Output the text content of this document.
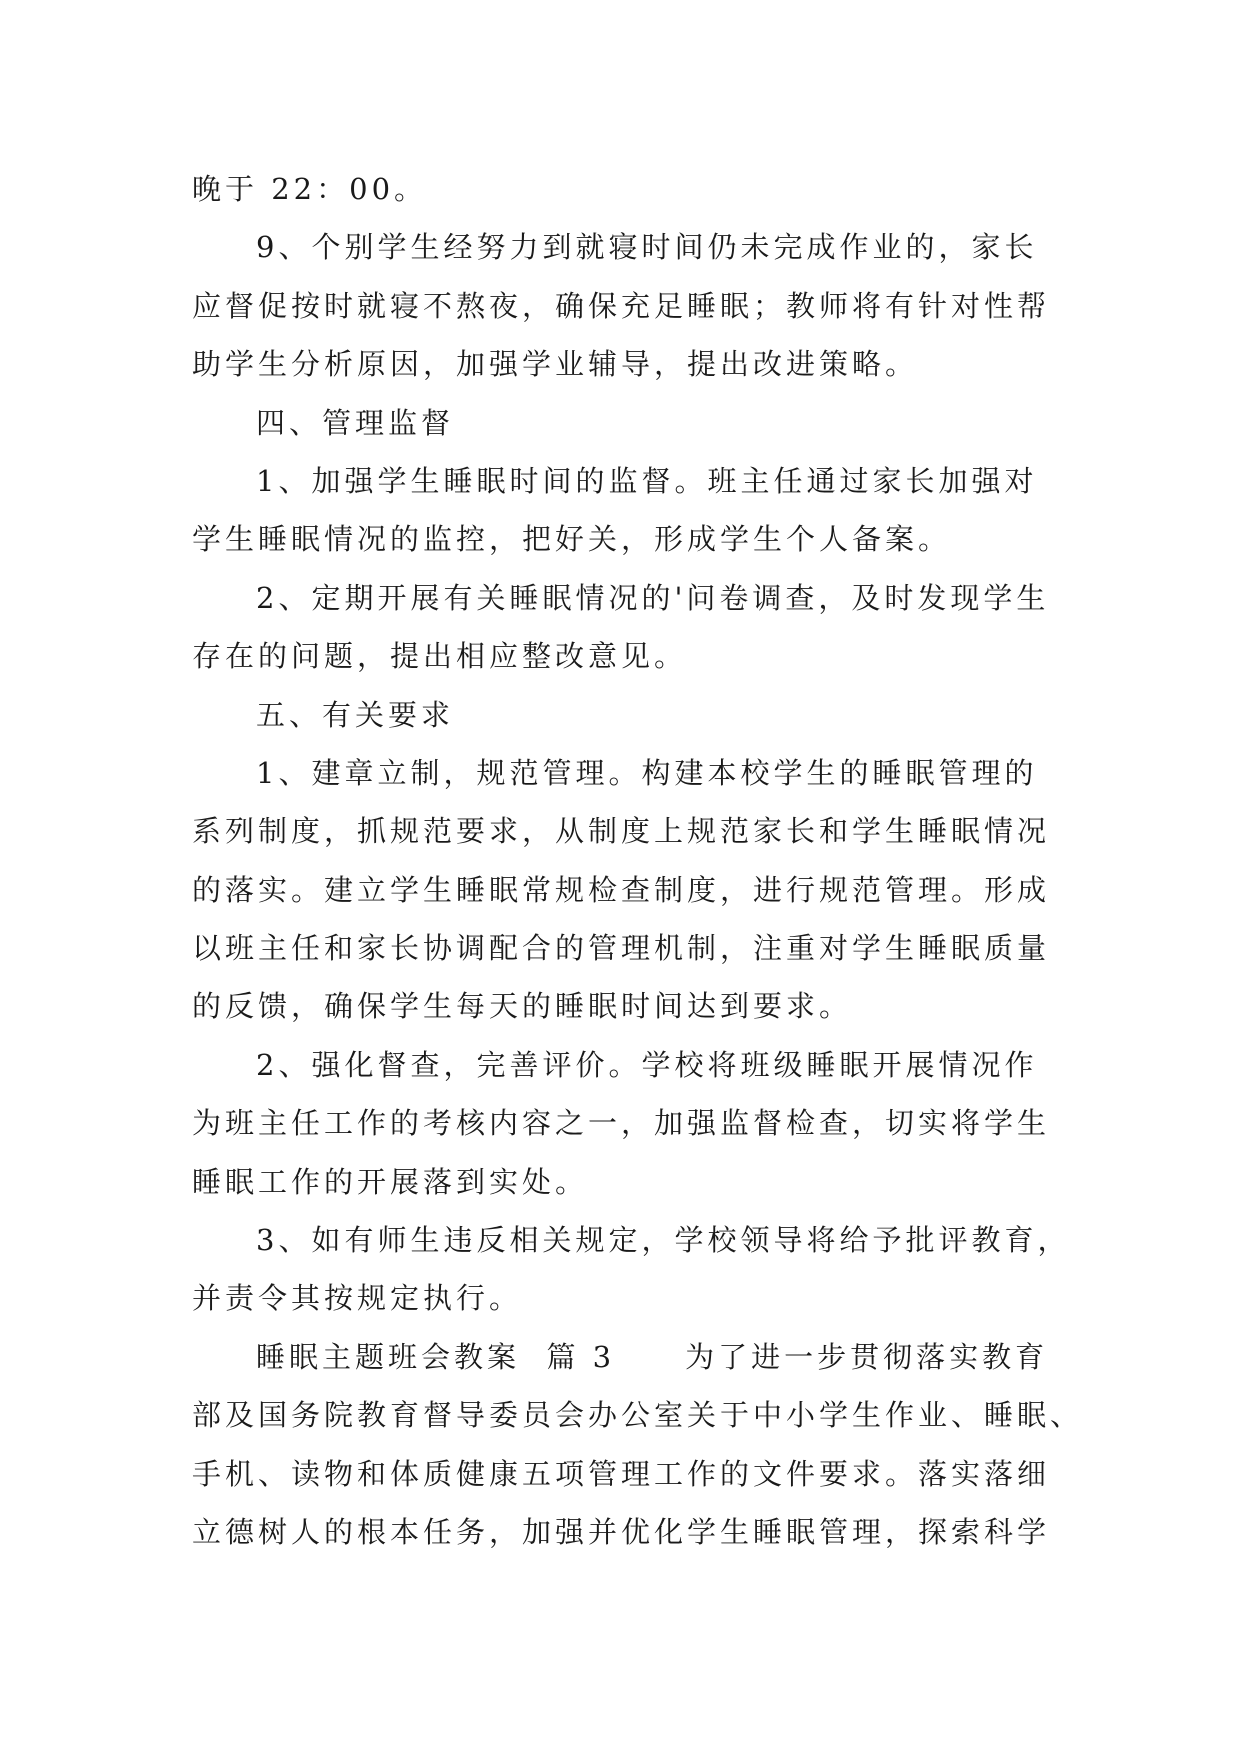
晚于 22：00。
9、个别学生经努力到就寝时间仍未完成作业的，家长
应督促按时就寝不熬夜，确保充足睡眠；教师将有针对性帮
助学生分析原因，加强学业辅导，提出改进策略。
四、管理监督
1、加强学生睡眠时间的监督。班主任通过家长加强对
学生睡眠情况的监控，把好关，形成学生个人备案。
2、定期开展有关睡眠情况的'问卷调查，及时发现学生
存在的问题，提出相应整改意见。
五、有关要求
1、建章立制，规范管理。构建本校学生的睡眠管理的
系列制度，抓规范要求，从制度上规范家长和学生睡眠情况
的落实。建立学生睡眠常规检查制度，进行规范管理。形成
以班主任和家长协调配合的管理机制，注重对学生睡眠质量
的反馈，确保学生每天的睡眠时间达到要求。
2、强化督查，完善评价。学校将班级睡眠开展情况作
为班主任工作的考核内容之一，加强监督检查，切实将学生
睡眠工作的开展落到实处。
3、如有师生违反相关规定，学校领导将给予批评教育，
并责令其按规定执行。
睡眠主题班会教案 篇 3 为了进一步贯彻落实教育
部及国务院教育督导委员会办公室关于中小学生作业、睡眠、
手机、读物和体质健康五项管理工作的文件要求。落实落细
立德树人的根本任务，加强并优化学生睡眠管理，探索科学
